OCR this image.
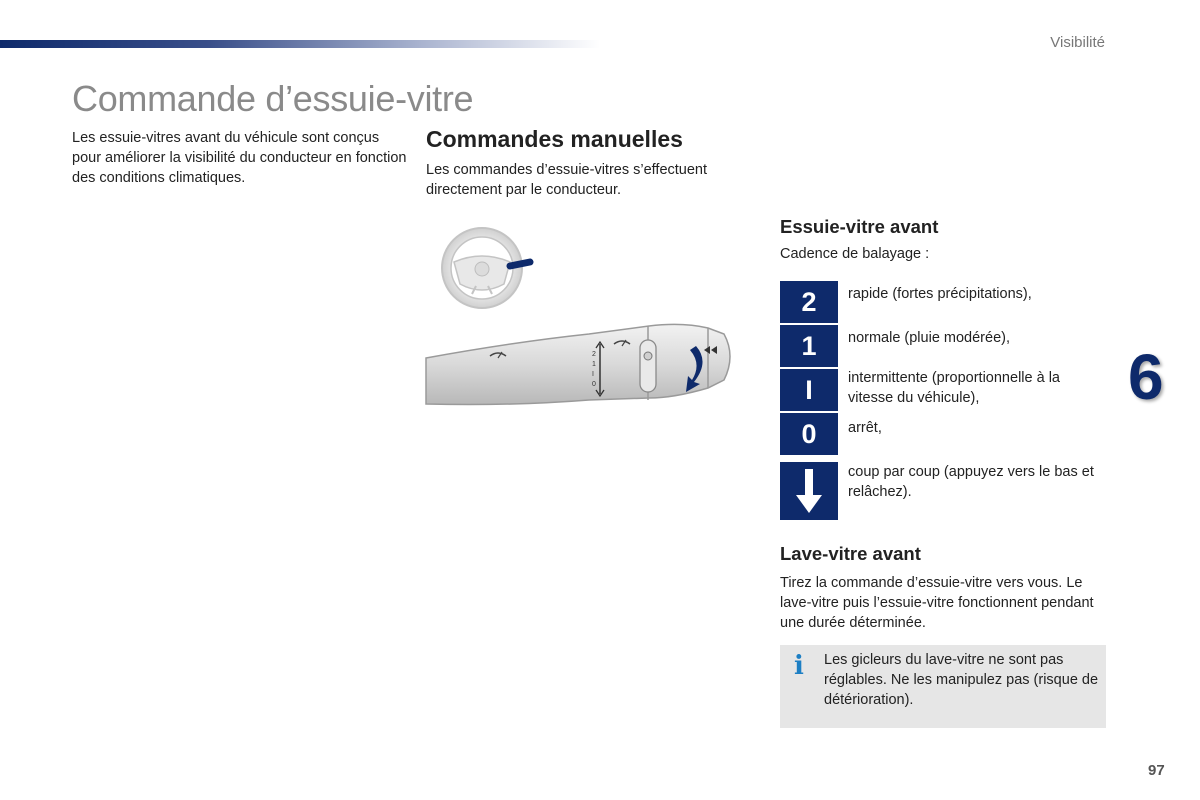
Visibilité
Commande d’essuie-vitre

Les essuie-vitres avant du véhicule sont conçus pour améliorer la visibilité du conducteur en fonction des conditions climatiques.

Commandes manuelles

Les commandes d’essuie-vitres s’effectuent directement par le conducteur.

2
1
I
0
Essuie-vitre avant

Cadence de balayage :

2	rapide (fortes précipitations),
1	normale (pluie modérée),
I	intermittente (proportionnelle à la vitesse du véhicule),
0	arrêt,
coup par coup (appuyez vers le bas et relâchez).
Lave-vitre avant

Tirez la commande d’essuie-vitre vers vous. Le lave-vitre puis l’essuie-vitre fonctionnent pendant une durée déterminée.

i Les gicleurs du lave-vitre ne sont pas réglables. Ne les manipulez pas (risque de détérioration).
6
97
